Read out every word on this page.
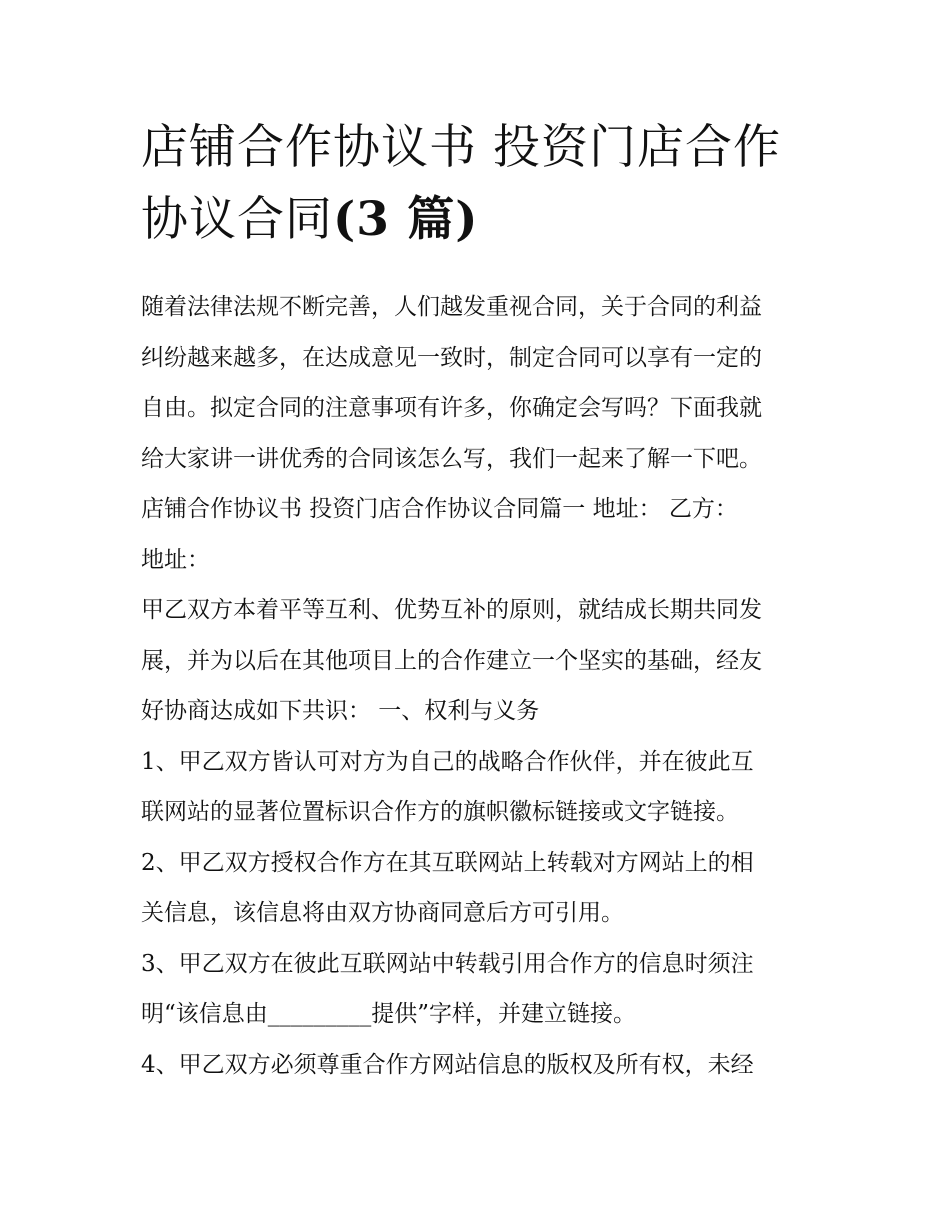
店铺合作协议书 投资门店合作
协议合同(3 篇)
随着法律法规不断完善，人们越发重视合同，关于合同的利益
纠纷越来越多，在达成意见一致时，制定合同可以享有一定的
自由。拟定合同的注意事项有许多，你确定会写吗？下面我就
给大家讲一讲优秀的合同该怎么写，我们一起来了解一下吧。
店铺合作协议书 投资门店合作协议合同篇一 地址： 乙方：
地址：
甲乙双方本着平等互利、优势互补的原则，就结成长期共同发
展，并为以后在其他项目上的合作建立一个坚实的基础，经友
好协商达成如下共识： 一、权利与义务
1、甲乙双方皆认可对方为自己的战略合作伙伴，并在彼此互
联网站的显著位置标识合作方的旗帜徽标链接或文字链接。
2、甲乙双方授权合作方在其互联网站上转载对方网站上的相
关信息，该信息将由双方协商同意后方可引用。
3、甲乙双方在彼此互联网站中转载引用合作方的信息时须注
明“该信息由_________提供”字样，并建立链接。
4、甲乙双方必须尊重合作方网站信息的版权及所有权，未经
